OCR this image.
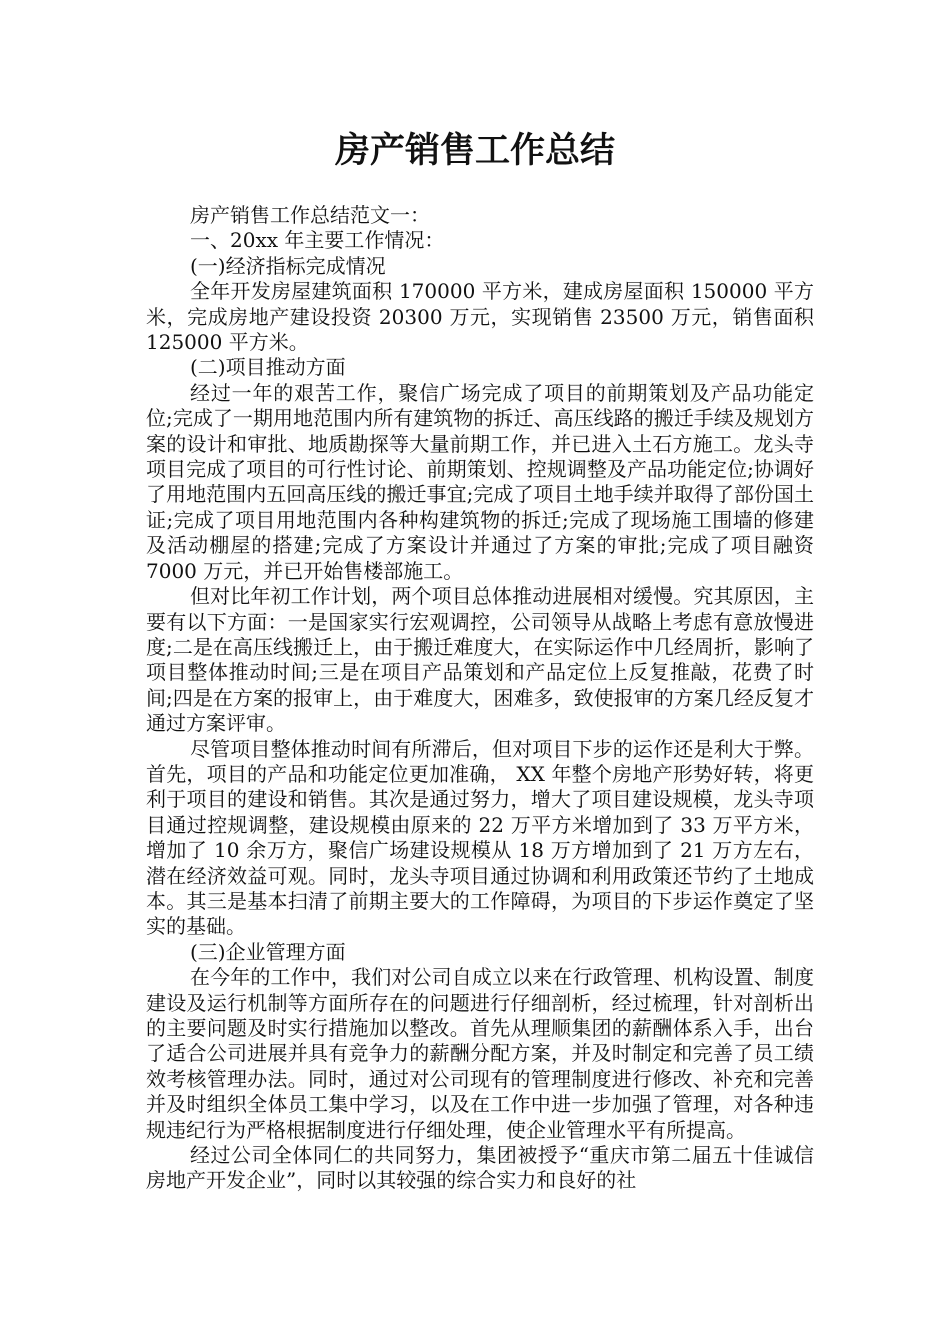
房产销售工作总结

房产销售工作总结范文一：

一、20xx 年主要工作情况：

(一)经济指标完成情况

全年开发房屋建筑面积 170000 平方米，建成房屋面积 150000 平方米，完成房地产建设投资 20300 万元，实现销售 23500 万元，销售面积 125000 平方米。

(二)项目推动方面

经过一年的艰苦工作，聚信广场完成了项目的前期策划及产品功能定位;完成了一期用地范围内所有建筑物的拆迁、高压线路的搬迁手续及规划方案的设计和审批、地质勘探等大量前期工作，并已进入土石方施工。龙头寺项目完成了项目的可行性讨论、前期策划、控规调整及产品功能定位;协调好了用地范围内五回高压线的搬迁事宜;完成了项目土地手续并取得了部份国土证;完成了项目用地范围内各种构建筑物的拆迁;完成了现场施工围墙的修建及活动棚屋的搭建;完成了方案设计并通过了方案的审批;完成了项目融资 7000 万元，并已开始售楼部施工。

但对比年初工作计划，两个项目总体推动进展相对缓慢。究其原因，主要有以下方面：一是国家实行宏观调控，公司领导从战略上考虑有意放慢进度;二是在高压线搬迁上，由于搬迁难度大，在实际运作中几经周折，影响了项目整体推动时间;三是在项目产品策划和产品定位上反复推敲，花费了时间;四是在方案的报审上，由于难度大，困难多，致使报审的方案几经反复才通过方案评审。

尽管项目整体推动时间有所滞后，但对项目下步的运作还是利大于弊。首先，项目的产品和功能定位更加准确， XX 年整个房地产形势好转，将更利于项目的建设和销售。其次是通过努力，增大了项目建设规模，龙头寺项目通过控规调整，建设规模由原来的 22 万平方米增加到了 33 万平方米，增加了 10 余万方，聚信广场建设规模从 18 万方增加到了 21 万方左右，潜在经济效益可观。同时，龙头寺项目通过协调和利用政策还节约了土地成本。其三是基本扫清了前期主要大的工作障碍，为项目的下步运作奠定了坚实的基础。

(三)企业管理方面

在今年的工作中，我们对公司自成立以来在行政管理、机构设置、制度建设及运行机制等方面所存在的问题进行仔细剖析，经过梳理，针对剖析出的主要问题及时实行措施加以整改。首先从理顺集团的薪酬体系入手，出台了适合公司进展并具有竞争力的薪酬分配方案，并及时制定和完善了员工绩效考核管理办法。同时，通过对公司现有的管理制度进行修改、补充和完善并及时组织全体员工集中学习，以及在工作中进一步加强了管理，对各种违规违纪行为严格根据制度进行仔细处理，使企业管理水平有所提高。

经过公司全体同仁的共同努力，集团被授予“重庆市第二届五十佳诚信房地产开发企业”，同时以其较强的综合实力和良好的社
